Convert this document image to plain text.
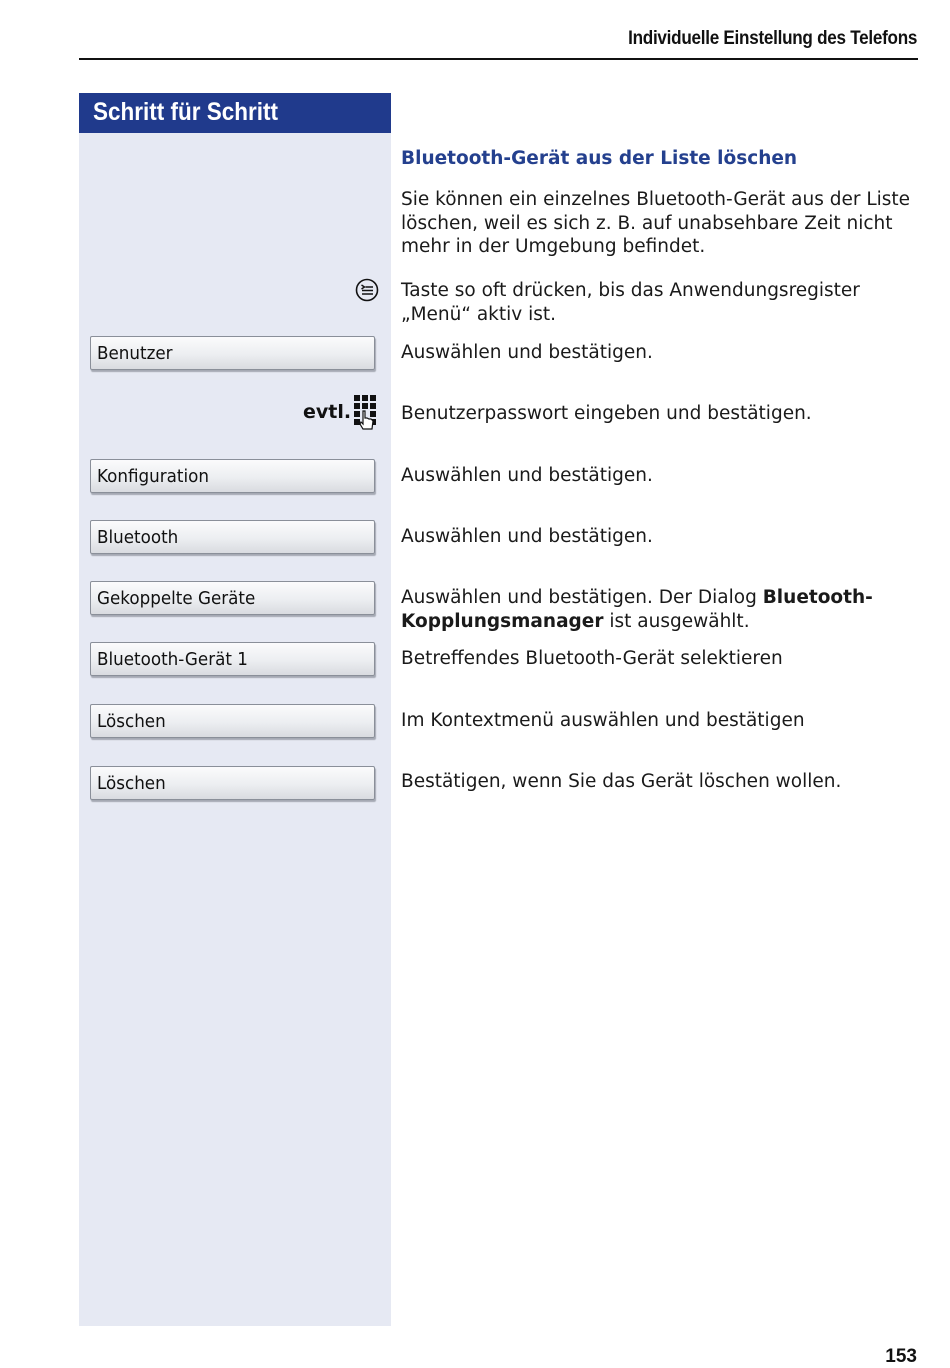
Individuelle Einstellung des Telefons
Schritt für Schritt
Bluetooth-Gerät aus der Liste löschen
Sie können ein einzelnes Bluetooth-Gerät aus der Liste löschen, weil es sich z. B. auf unabsehbare Zeit nicht mehr in der Umgebung befindet.
Taste so oft drücken, bis das Anwendungsregister „Menü“ aktiv ist.
Benutzer	Auswählen und bestätigen.
evtl.	Benutzerpasswort eingeben und bestätigen.
Konfiguration	Auswählen und bestätigen.
Bluetooth	Auswählen und bestätigen.
Gekoppelte Geräte	Auswählen und bestätigen. Der Dialog Bluetooth-Kopplungsmanager ist ausgewählt.
Bluetooth-Gerät 1	Betreffendes Bluetooth-Gerät selektieren
Löschen	Im Kontextmenü auswählen und bestätigen
Löschen	Bestätigen, wenn Sie das Gerät löschen wollen.
153
